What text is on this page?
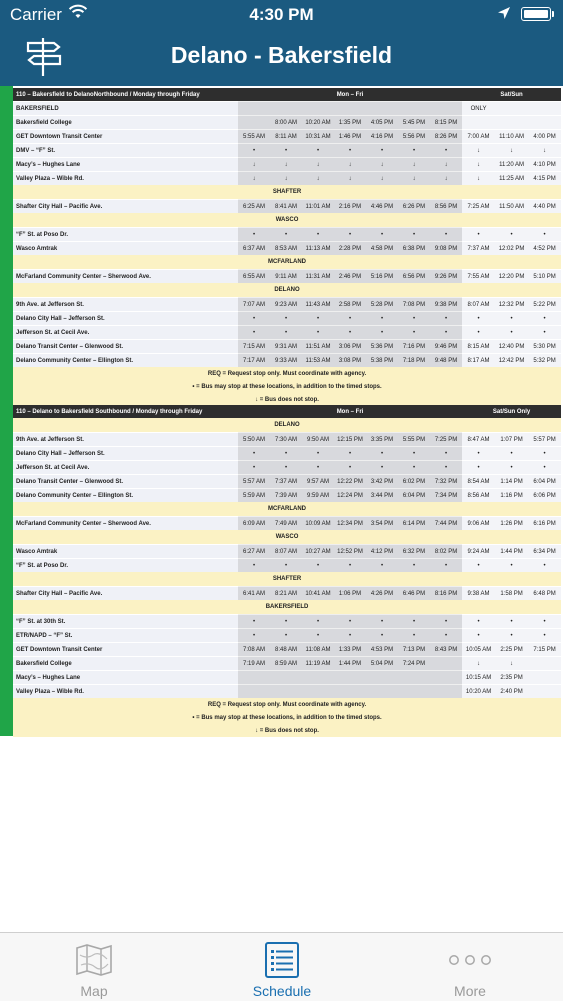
Carrier	4:30 PM
Delano - Bakersfield
110 – Bakersfield to DelanoNorthbound / Monday through Friday	Mon – Fri							Sat/Sun		
BAKERSFIELD								ONLY		
Bakersfield College		8:00 AM	10:20 AM	1:35 PM	4:05 PM	5:45 PM	8:15 PM			
GET Downtown Transit Center	5:55 AM	8:11 AM	10:31 AM	1:46 PM	4:16 PM	5:56 PM	8:26 PM	7:00 AM	11:10 AM	4:00 PM
DMV – “F” St.	•	•	•	•	•	•	•	↓	↓	↓
Macy’s – Hughes Lane	↓	↓	↓	↓	↓	↓	↓	↓	11:20 AM	4:10 PM
Valley Plaza – Wible Rd.	↓	↓	↓	↓	↓	↓	↓	↓	11:25 AM	4:15 PM
SHAFTER										
Shafter City Hall – Pacific Ave.	6:25 AM	8:41 AM	11:01 AM	2:16 PM	4:46 PM	6:26 PM	8:56 PM	7:25 AM	11:50 AM	4:40 PM
WASCO										
“F” St. at Poso Dr.	•	•	•	•	•	•	•	•	•	•
Wasco Amtrak	6:37 AM	8:53 AM	11:13 AM	2:28 PM	4:58 PM	6:38 PM	9:08 PM	7:37 AM	12:02 PM	4:52 PM
MCFARLAND										
McFarland Community Center – Sherwood Ave.	6:55 AM	9:11 AM	11:31 AM	2:46 PM	5:16 PM	6:56 PM	9:26 PM	7:55 AM	12:20 PM	5:10 PM
DELANO										
9th Ave. at Jefferson St.	7:07 AM	9:23 AM	11:43 AM	2:58 PM	5:28 PM	7:08 PM	9:38 PM	8:07 AM	12:32 PM	5:22 PM
Delano City Hall – Jefferson St.	•	•	•	•	•	•	•	•	•	•
Jefferson St. at Cecil Ave.	•	•	•	•	•	•	•	•	•	•
Delano Transit Center – Glenwood St.	7:15 AM	9:31 AM	11:51 AM	3:06 PM	5:36 PM	7:16 PM	9:46 PM	8:15 AM	12:40 PM	5:30 PM
Delano Community Center – Ellington St.	7:17 AM	9:33 AM	11:53 AM	3:08 PM	5:38 PM	7:18 PM	9:48 PM	8:17 AM	12:42 PM	5:32 PM
REQ = Request stop only. Must coordinate with agency.										
• = Bus may stop at these locations, in addition to the timed stops.										
↓ = Bus does not stop.										
110 – Delano to Bakersfield Southbound / Monday through Friday	Mon – Fri							Sat/Sun Only		
DELANO										
9th Ave. at Jefferson St.	5:50 AM	7:30 AM	9:50 AM	12:15 PM	3:35 PM	5:55 PM	7:25 PM	8:47 AM	1:07 PM	5:57 PM
Delano City Hall – Jefferson St.	•	•	•	•	•	•	•	•	•	•
Jefferson St. at Cecil Ave.	•	•	•	•	•	•	•	•	•	•
Delano Transit Center – Glenwood St.	5:57 AM	7:37 AM	9:57 AM	12:22 PM	3:42 PM	6:02 PM	7:32 PM	8:54 AM	1:14 PM	6:04 PM
Delano Community Center – Ellington St.	5:59 AM	7:39 AM	9:59 AM	12:24 PM	3:44 PM	6:04 PM	7:34 PM	8:56 AM	1:16 PM	6:06 PM
MCFARLAND										
McFarland Community Center – Sherwood Ave.	6:09 AM	7:49 AM	10:09 AM	12:34 PM	3:54 PM	6:14 PM	7:44 PM	9:06 AM	1:26 PM	6:16 PM
WASCO										
Wasco Amtrak	6:27 AM	8:07 AM	10:27 AM	12:52 PM	4:12 PM	6:32 PM	8:02 PM	9:24 AM	1:44 PM	6:34 PM
“F” St. at Poso Dr.	•	•	•	•	•	•	•	•	•	•
SHAFTER										
Shafter City Hall – Pacific Ave.	6:41 AM	8:21 AM	10:41 AM	1:06 PM	4:26 PM	6:46 PM	8:16 PM	9:38 AM	1:58 PM	6:48 PM
BAKERSFIELD										
“F” St. at 30th St.	•	•	•	•	•	•	•	•	•	•
ETR/NAPD – “F” St.	•	•	•	•	•	•	•	•	•	•
GET Downtown Transit Center	7:08 AM	8:48 AM	11:08 AM	1:33 PM	4:53 PM	7:13 PM	8:43 PM	10:05 AM	2:25 PM	7:15 PM
Bakersfield College	7:19 AM	8:59 AM	11:19 AM	1:44 PM	5:04 PM	7:24 PM		↓	↓	
Macy’s – Hughes Lane								10:15 AM	2:35 PM	
Valley Plaza – Wible Rd.								10:20 AM	2:40 PM	
REQ = Request stop only. Must coordinate with agency.										
• = Bus may stop at these locations, in addition to the timed stops.										
↓ = Bus does not stop.										
Map	Schedule	More
